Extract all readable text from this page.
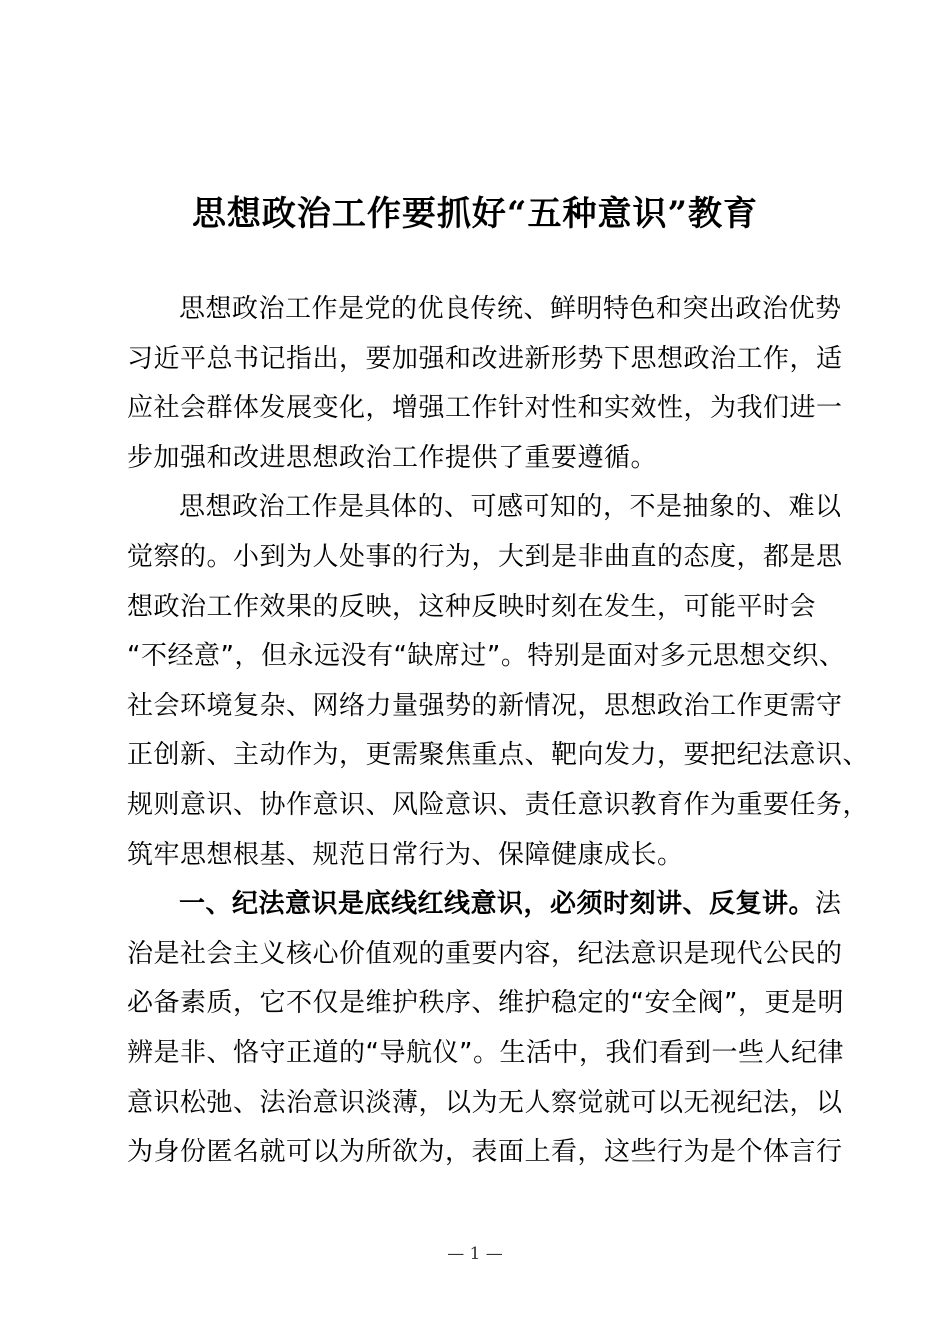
思想政治工作要抓好“五种意识”教育
思想政治工作是党的优良传统、鲜明特色和突出政治优势
习近平总书记指出，要加强和改进新形势下思想政治工作，适
应社会群体发展变化，增强工作针对性和实效性，为我们进一
步加强和改进思想政治工作提供了重要遵循。
思想政治工作是具体的、可感可知的，不是抽象的、难以
觉察的。小到为人处事的行为，大到是非曲直的态度，都是思
想政治工作效果的反映，这种反映时刻在发生，可能平时会
“不经意”，但永远没有“缺席过”。特别是面对多元思想交织、
社会环境复杂、网络力量强势的新情况，思想政治工作更需守
正创新、主动作为，更需聚焦重点、靶向发力，要把纪法意识、
规则意识、协作意识、风险意识、责任意识教育作为重要任务，
筑牢思想根基、规范日常行为、保障健康成长。
一、纪法意识是底线红线意识，必须时刻讲、反复讲。法
治是社会主义核心价值观的重要内容，纪法意识是现代公民的
必备素质，它不仅是维护秩序、维护稳定的“安全阀”，更是明
辨是非、恪守正道的“导航仪”。生活中，我们看到一些人纪律
意识松弛、法治意识淡薄，以为无人察觉就可以无视纪法，以
为身份匿名就可以为所欲为，表面上看，这些行为是个体言行
— 1 —
